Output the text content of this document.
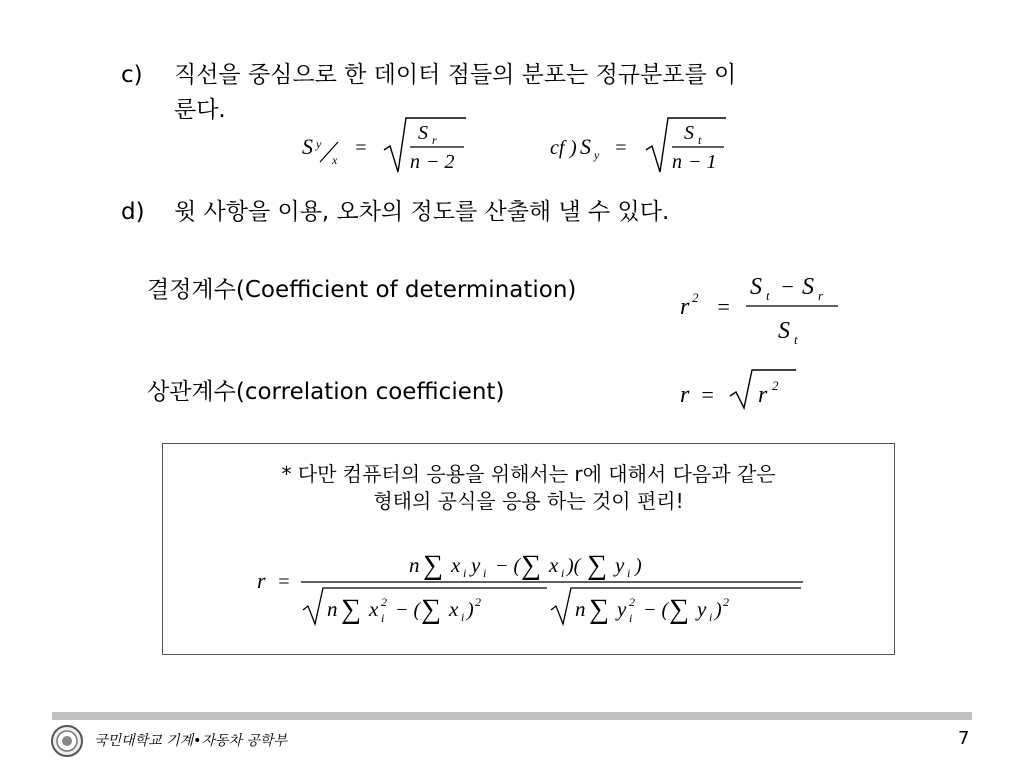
c) 직선을 중심으로 한 데이터 점들의 분포는 정규분포를 이
룬다.
S y
x
=
S r
n − 2
cf ) S y =
S t
n − 1
d) 윗 사항을 이용, 오차의 정도를 산출해 낼 수 있다.
결정계수(Coefficient of determination)
r 2 =
S t − S r
S t
상관계수(correlation coefficient)	r = r 2
* 다만 컴퓨터의 응용을 위해서는 r에 대해서 다음과 같은
형태의 공식을 응용 하는 것이 편리!
r =
n ∑ x i y i − ( ∑ x i )( ∑ y i )
n ∑ x 2
i − ( ∑ x i ) 2	n ∑ y 2
i − ( ∑ y i ) 2
국민대학교 기계•자동차 공학부	7
